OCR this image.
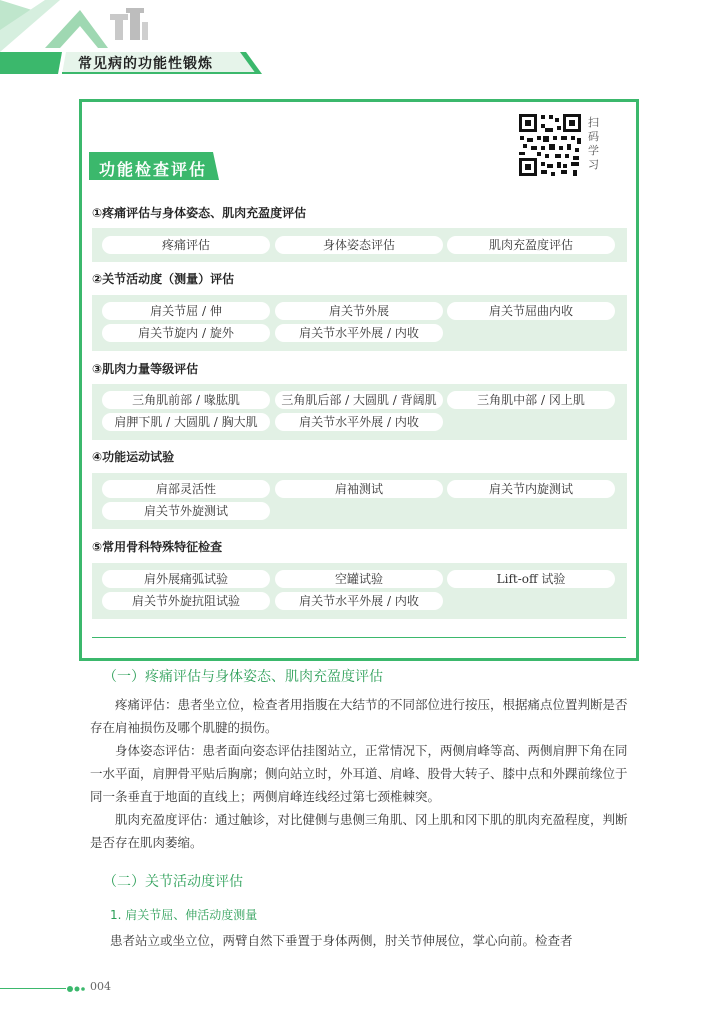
常见病的功能性锻炼
扫码学习
功能检查评估
①疼痛评估与身体姿态、肌肉充盈度评估
疼痛评估	身体姿态评估	肌肉充盈度评估
②关节活动度（测量）评估
肩关节屈 / 伸	肩关节外展	肩关节屈曲内收
肩关节旋内 / 旋外	肩关节水平外展 / 内收
③肌肉力量等级评估
三角肌前部 / 喙肱肌	三角肌后部 / 大圆肌 / 背阔肌	三角肌中部 / 冈上肌
肩胛下肌 / 大圆肌 / 胸大肌	肩关节水平外展 / 内收
④功能运动试验
肩部灵活性	肩袖测试	肩关节内旋测试
肩关节外旋测试
⑤常用骨科特殊特征检查
肩外展痛弧试验	空罐试验	Lift-off 试验
肩关节外旋抗阻试验	肩关节水平外展 / 内收
（一）疼痛评估与身体姿态、肌肉充盈度评估
疼痛评估：患者坐立位，检查者用指腹在大结节的不同部位进行按压，根据痛点位置判断是否存在肩袖损伤及哪个肌腱的损伤。
身体姿态评估：患者面向姿态评估挂图站立，正常情况下，两侧肩峰等高、两侧肩胛下角在同一水平面，肩胛骨平贴后胸廓；侧向站立时，外耳道、肩峰、股骨大转子、膝中点和外踝前缘位于同一条垂直于地面的直线上；两侧肩峰连线经过第七颈椎棘突。
肌肉充盈度评估：通过触诊，对比健侧与患侧三角肌、冈上肌和冈下肌的肌肉充盈程度，判断是否存在肌肉萎缩。
（二）关节活动度评估
1. 肩关节屈、伸活动度测量
患者站立或坐立位，两臂自然下垂置于身体两侧，肘关节伸展位，掌心向前。检查者
004
